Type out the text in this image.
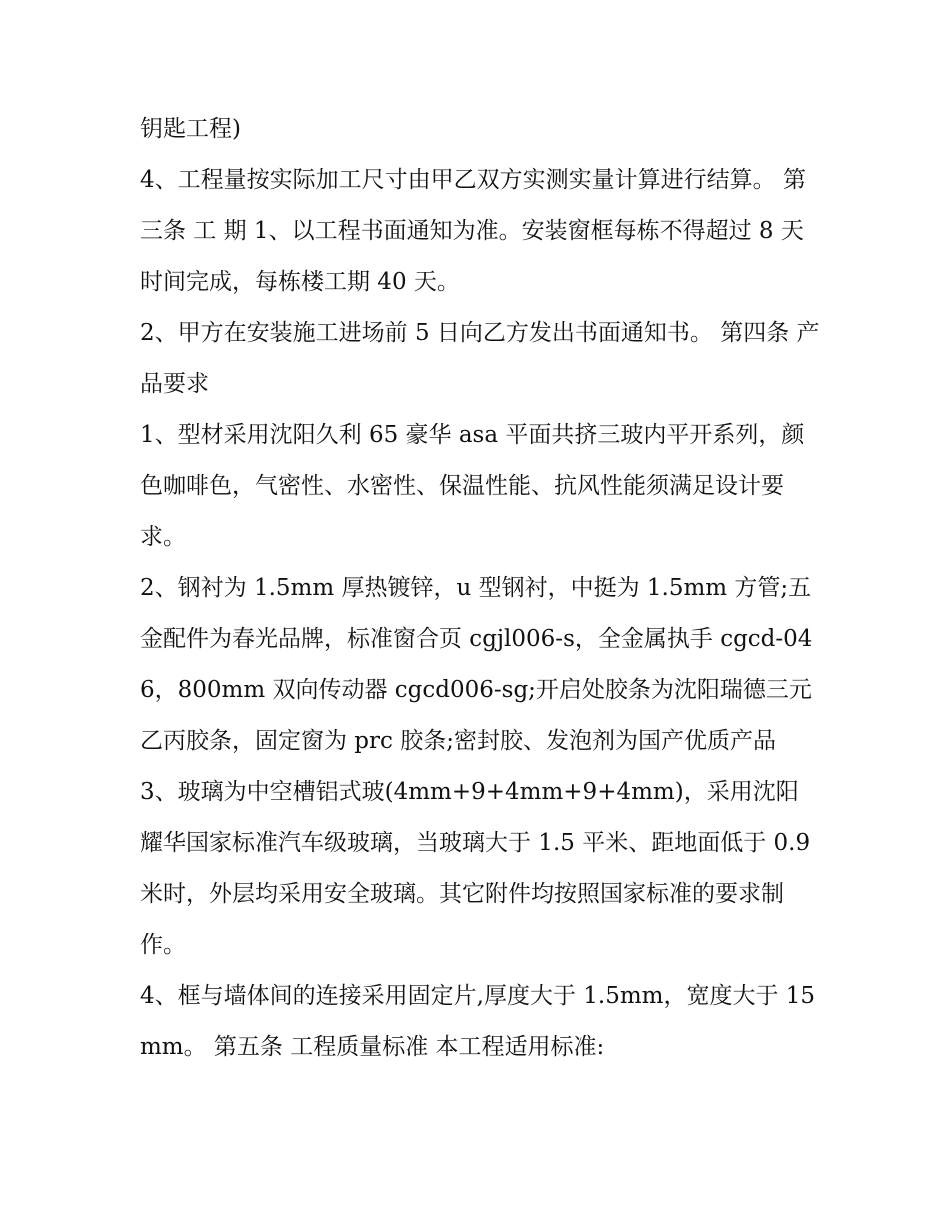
钥匙工程)

4、工程量按实际加工尺寸由甲乙双方实测实量计算进行结算。 第三条 工 期 1、以工程书面通知为准。安装窗框每栋不得超过 8 天时间完成，每栋楼工期 40 天。

2、甲方在安装施工进场前 5 日向乙方发出书面通知书。 第四条 产品要求

1、型材采用沈阳久利 65 豪华 asa 平面共挤三玻内平开系列，颜色咖啡色，气密性、水密性、保温性能、抗风性能须满足设计要求。

2、钢衬为 1.5mm 厚热镀锌，u 型钢衬，中挺为 1.5mm 方管;五金配件为春光品牌，标准窗合页 cgjl006-s，全金属执手 cgcd-046，800mm 双向传动器 cgcd006-sg;开启处胶条为沈阳瑞德三元乙丙胶条，固定窗为 prc 胶条;密封胶、发泡剂为国产优质产品

3、玻璃为中空槽铝式玻(4mm+9+4mm+9+4mm)，采用沈阳耀华国家标准汽车级玻璃，当玻璃大于 1.5 平米、距地面低于 0.9 米时，外层均采用安全玻璃。其它附件均按照国家标准的要求制作。

4、框与墙体间的连接采用固定片,厚度大于 1.5mm，宽度大于 15mm。 第五条 工程质量标准 本工程适用标准:
